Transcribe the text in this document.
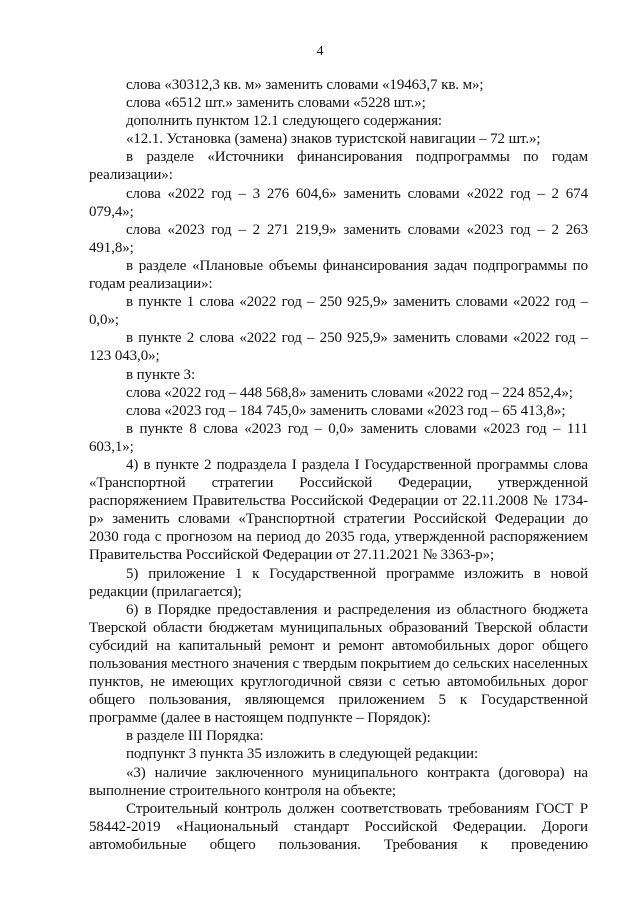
4

слова «30312,3 кв. м» заменить словами «19463,7 кв. м»;

слова «6512 шт.» заменить словами «5228 шт.»;

дополнить пунктом 12.1 следующего содержания:

«12.1. Установка (замена) знаков туристской навигации – 72 шт.»;

в разделе «Источники финансирования подпрограммы по годам реализации»:

слова «2022 год – 3 276 604,6» заменить словами «2022 год – 2 674 079,4»;

слова «2023 год – 2 271 219,9» заменить словами «2023 год – 2 263 491,8»;

в разделе «Плановые объемы финансирования задач подпрограммы по годам реализации»:

в пункте 1 слова «2022 год – 250 925,9» заменить словами «2022 год – 0,0»;

в пункте 2 слова «2022 год – 250 925,9» заменить словами «2022 год – 123 043,0»;

в пункте 3:

слова «2022 год – 448 568,8» заменить словами «2022 год – 224 852,4»;

слова «2023 год – 184 745,0» заменить словами «2023 год – 65 413,8»;

в пункте 8 слова «2023 год – 0,0» заменить словами «2023 год – 111 603,1»;

4) в пункте 2 подраздела I раздела I Государственной программы слова «Транспортной стратегии Российской Федерации, утвержденной распоряжением Правительства Российской Федерации от 22.11.2008 № 1734-р» заменить словами «Транспортной стратегии Российской Федерации до 2030 года с прогнозом на период до 2035 года, утвержденной распоряжением Правительства Российской Федерации от 27.11.2021 № 3363-р»;

5) приложение 1 к Государственной программе изложить в новой редакции (прилагается);

6) в Порядке предоставления и распределения из областного бюджета Тверской области бюджетам муниципальных образований Тверской области субсидий на капитальный ремонт и ремонт автомобильных дорог общего пользования местного значения с твердым покрытием до сельских населенных пунктов, не имеющих круглогодичной связи с сетью автомобильных дорог общего пользования, являющемся приложением 5 к Государственной программе (далее в настоящем подпункте – Порядок):

в разделе III Порядка:

подпункт 3 пункта 35 изложить в следующей редакции:

«3) наличие заключенного муниципального контракта (договора) на выполнение строительного контроля на объекте;

Строительный контроль должен соответствовать требованиям ГОСТ Р 58442-2019 «Национальный стандарт Российской Федерации. Дороги автомобильные общего пользования. Требования к проведению
